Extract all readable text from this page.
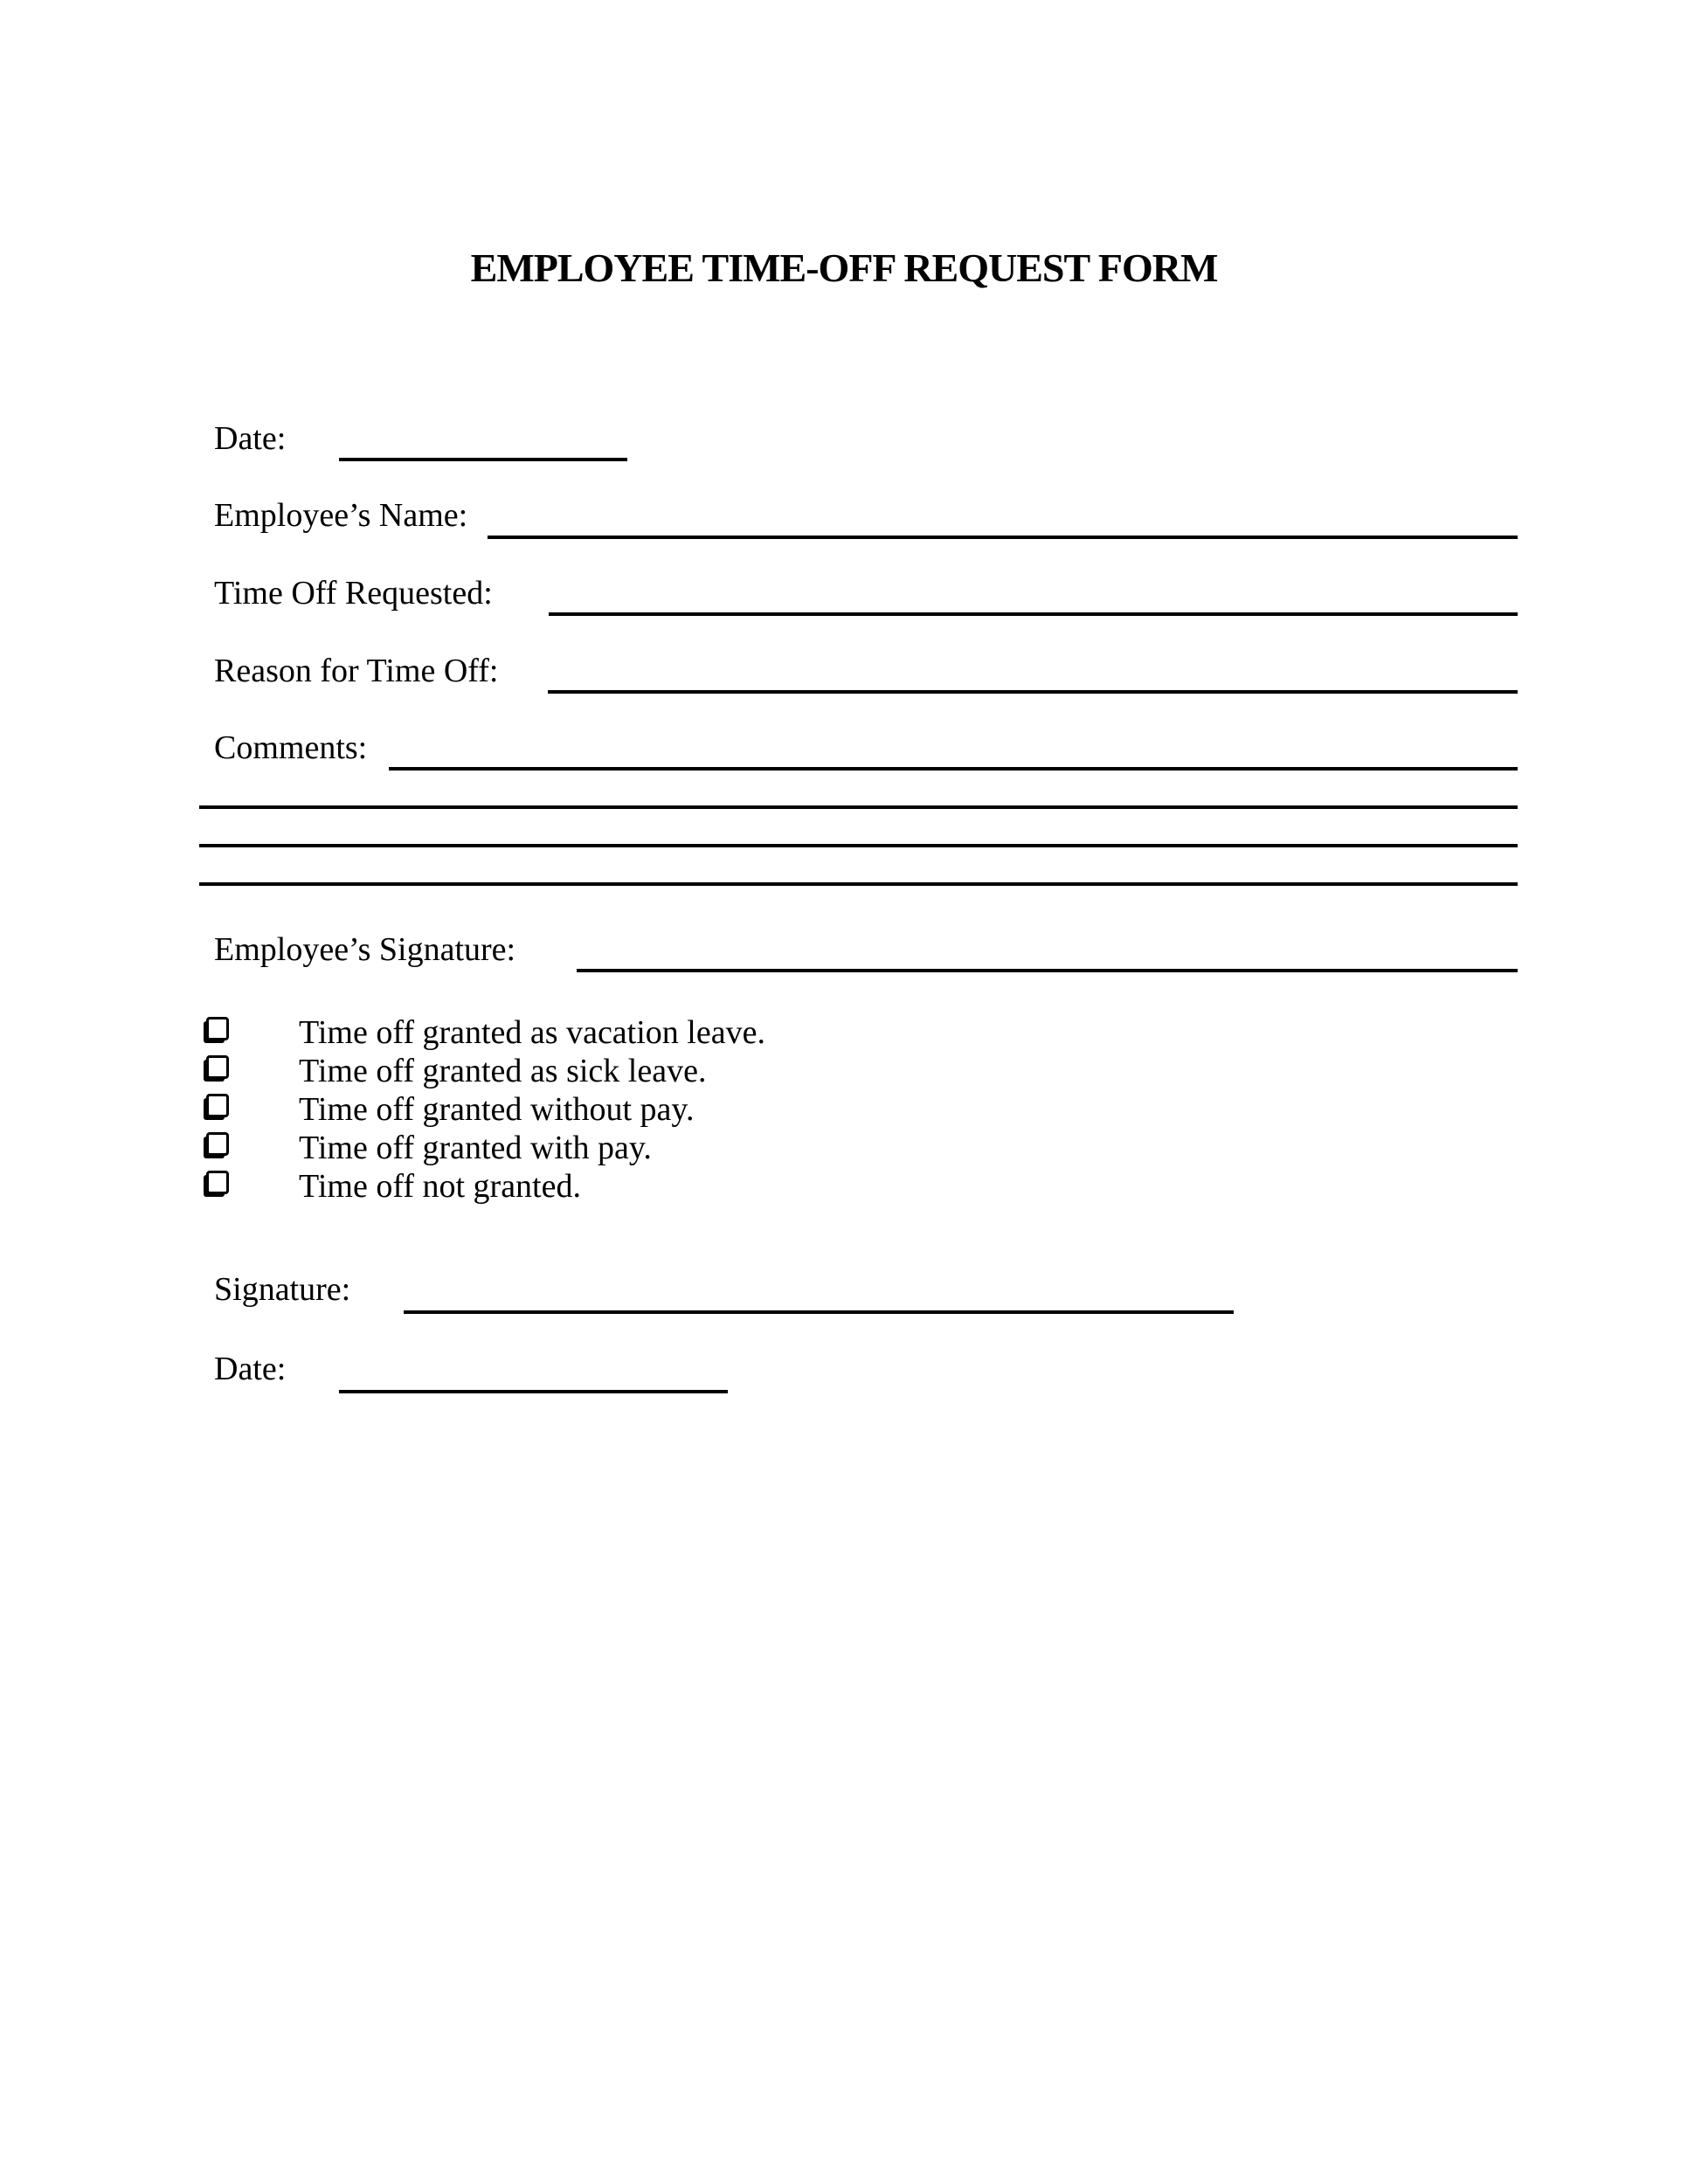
EMPLOYEE TIME-OFF REQUEST FORM
Date:
Employee’s Name:
Time Off Requested:
Reason for Time Off:
Comments:
Employee’s Signature:
Time off granted as vacation leave.
Time off granted as sick leave.
Time off granted without pay.
Time off granted with pay.
Time off not granted.
Signature:
Date:
